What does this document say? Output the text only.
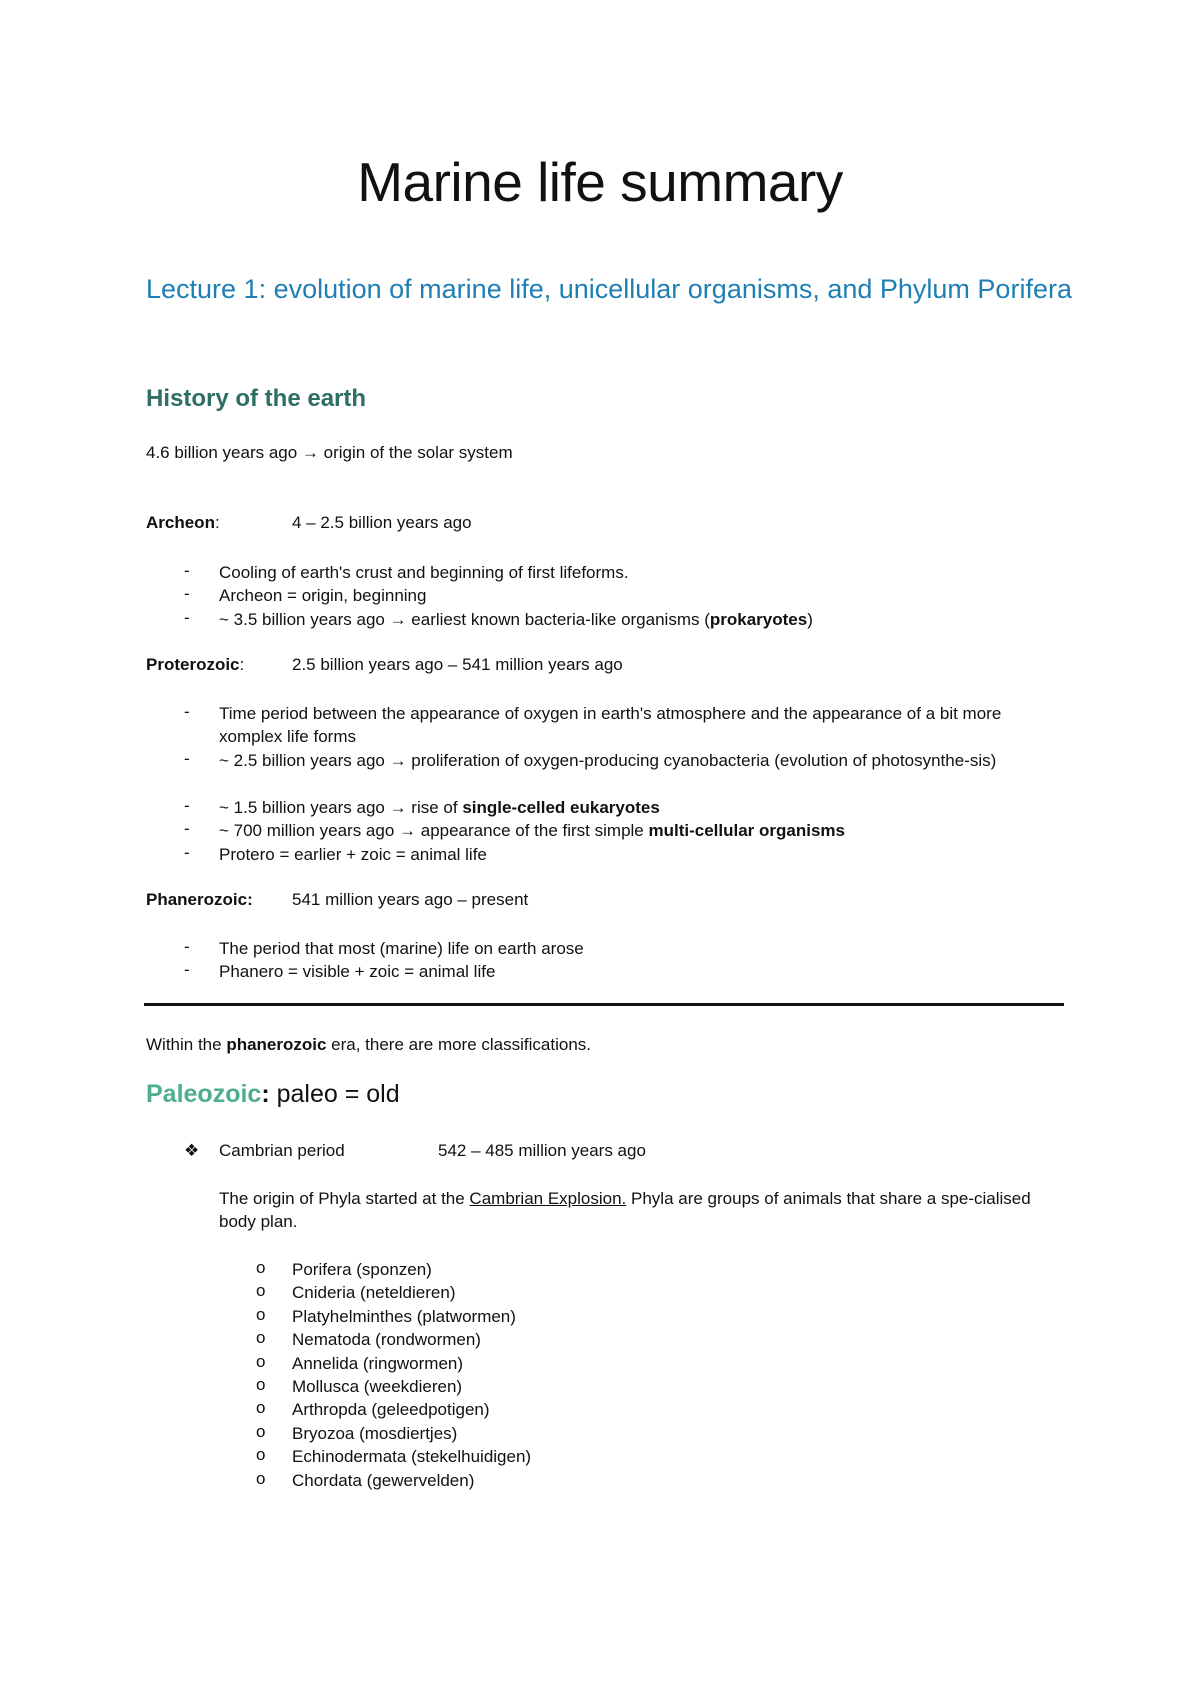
Marine life summary
Lecture 1: evolution of marine life, unicellular organisms, and Phylum Porifera
History of the earth
4.6 billion years ago → origin of the solar system
Archeon:	4 – 2.5 billion years ago
- Cooling of earth's crust and beginning of first lifeforms.
- Archeon = origin, beginning
- ~ 3.5 billion years ago → earliest known bacteria-like organisms (prokaryotes)
Proterozoic:	2.5 billion years ago – 541 million years ago
- Time period between the appearance of oxygen in earth's atmosphere and the appearance of a bit more xomplex life forms
- ~ 2.5 billion years ago → proliferation of oxygen-producing cyanobacteria (evolution of photosynthe-sis)
- ~ 1.5 billion years ago → rise of single-celled eukaryotes
- ~ 700 million years ago → appearance of the first simple multi-cellular organisms
- Protero = earlier + zoic = animal life
Phanerozoic: 541 million years ago – present
- The period that most (marine) life on earth arose
- Phanero = visible + zoic = animal life
Within the phanerozoic era, there are more classifications.
Paleozoic: paleo = old
❖ Cambrian period	542 – 485 million years ago
The origin of Phyla started at the Cambrian Explosion. Phyla are groups of animals that share a spe-cialised body plan.
o Porifera (sponzen)
o Cnideria (neteldieren)
o Platyhelminthes (platwormen)
o Nematoda (rondwormen)
o Annelida (ringwormen)
o Mollusca (weekdieren)
o Arthropda (geleedpotigen)
o Bryozoa (mosdiertjes)
o Echinodermata (stekelhuidigen)
o Chordata (gewervelden)
